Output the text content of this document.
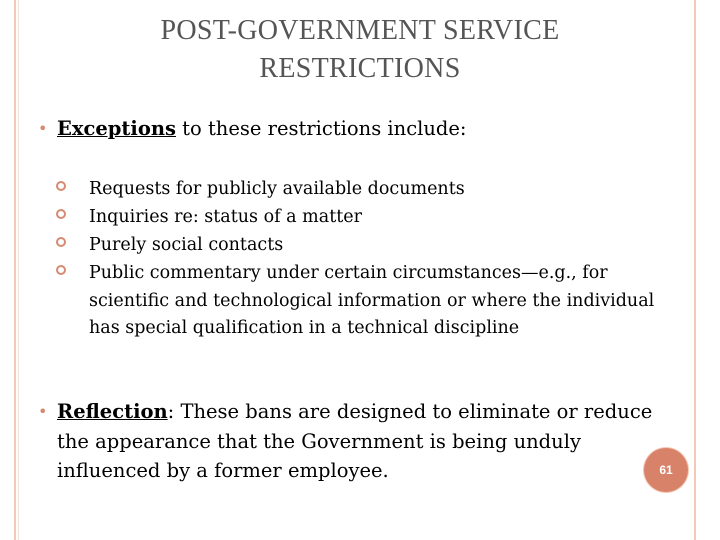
POST-GOVERNMENT SERVICE RESTRICTIONS
• Exceptions to these restrictions include:
Requests for publicly available documents
Inquiries re: status of a matter
Purely social contacts
Public commentary under certain circumstances—e.g., for scientific and technological information or where the individual has special qualification in a technical discipline
• Reflection: These bans are designed to eliminate or reduce the appearance that the Government is being unduly influenced by a former employee.	61
